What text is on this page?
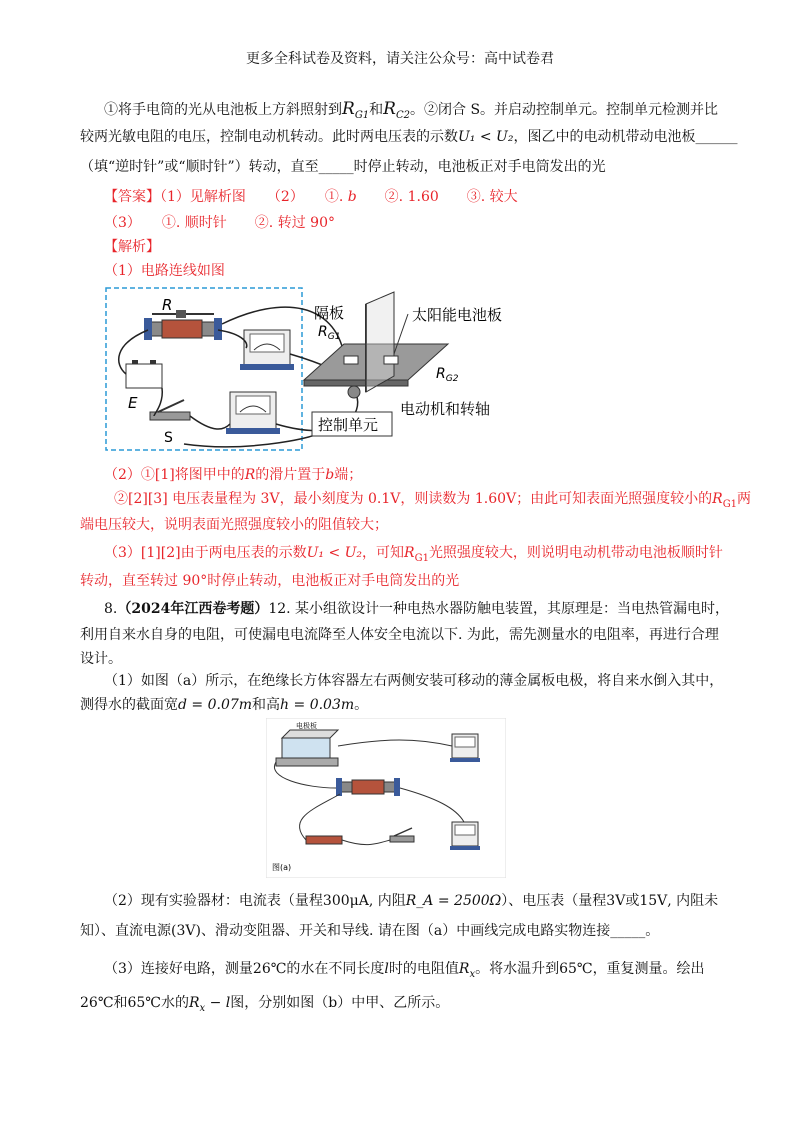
更多全科试卷及资料，请关注公众号：高中试卷君
①将手电筒的光从电池板上方斜照射到$R_{G1}$和$R_{C2}$。②闭合 S。并启动控制单元。控制单元检测并比
较两光敏电阻的电压，控制电动机转动。此时两电压表的示数U₁ < U₂，图乙中的电动机带动电池板______
（填“逆时针”或“顺时针”）转动，直至_____时停止转动，电池板正对手电筒发出的光
【答案】（1）见解析图　　（2）　　①. b　　②. 1.60　　③. 较大
（3）　　①. 顺时针　　②. 转过 90°
【解析】
（1）电路连线如图
R
E
S
隔板	太阳能电池板
$R_{G1}$
$R_{G2}$
电动机和转轴
控制单元
（2）①[1]将图甲中的R的滑片置于b端；
②[2][3] 电压表量程为 3V，最小刻度为 0.1V，则读数为 1.60V；由此可知表面光照强度较小的$R_{G1}$两
端电压较大，说明表面光照强度较小的阻值较大；
（3）[1][2]由于两电压表的示数U₁ < U₂，可知$R_{G1}$光照强度较大，则说明电动机带动电池板顺时针
转动，直至转过 90°时停止转动，电池板正对手电筒发出的光
8.（2024年江西卷考题）12. 某小组欲设计一种电热水器防触电装置，其原理是：当电热管漏电时，
利用自来水自身的电阻，可使漏电电流降至人体安全电流以下. 为此，需先测量水的电阻率，再进行合理
设计。
（1）如图（a）所示，在绝缘长方体容器左右两侧安装可移动的薄金属板电极，将自来水倒入其中，
测得水的截面宽d = 0.07m和高h = 0.03m。
电极板
图(a)
（2）现有实验器材：电流表（量程300μA, 内阻R_A = 2500Ω）、电压表（量程3V或15V, 内阻未
知）、直流电源(3V)、滑动变阻器、开关和导线. 请在图（a）中画线完成电路实物连接_____。
（3）连接好电路，测量26℃的水在不同长度l时的电阻值$R_x$。将水温升到65℃，重复测量。绘出
26℃和65℃水的$R_x - l$图，分别如图（b）中甲、乙所示。
